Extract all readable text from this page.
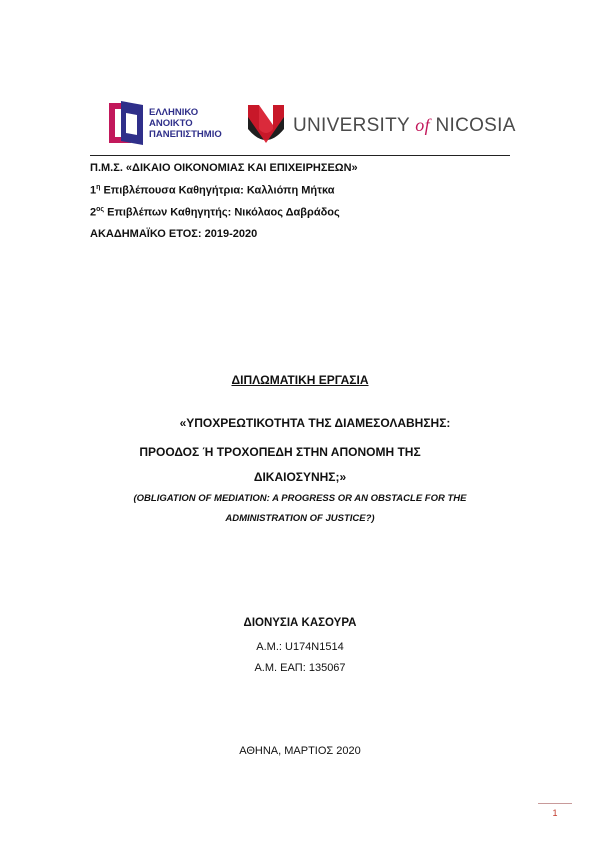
ΕΛΛΗΝΙΚΟ
ΑΝΟΙΚΤΟ
ΠΑΝΕΠΙΣΤΗΜΙΟ	UNIVERSITY of NICOSIA
Π.Μ.Σ. «ΔΙΚΑΙΟ ΟΙΚΟΝΟΜΙΑΣ ΚΑΙ ΕΠΙΧΕΙΡΗΣΕΩΝ»
$1^\eta$ Επιβλέπουσα Καθηγήτρια: Καλλιόπη Μήτκα
$2^{o\varsigma}$ Επιβλέπων Καθηγητής: Νικόλαος Δαβράδος
ΑΚΑΔΗΜΑΪΚΟ ΕΤΟΣ: 2019-2020
ΔΙΠΛΩΜΑΤΙΚΗ ΕΡΓΑΣΙΑ
«ΥΠΟΧΡΕΩΤΙΚΟΤΗΤΑ ΤΗΣ ΔΙΑΜΕΣΟΛΑΒΗΣΗΣ:
ΠΡΟΟΔΟΣ Ή ΤΡΟΧΟΠΕΔΗ ΣΤΗΝ ΑΠΟΝΟΜΗ ΤΗΣ
ΔΙΚΑΙΟΣΥΝΗΣ;»
(OBLIGATION OF MEDIATION: A PROGRESS OR AN OBSTACLE FOR THE
ADMINISTRATION OF JUSTICE?)
ΔΙΟΝΥΣΙΑ ΚΑΣΟΥΡΑ
Α.Μ.: U174N1514
Α.Μ. ΕΑΠ: 135067
ΑΘΗΝΑ, ΜΑΡΤΙΟΣ 2020
1
